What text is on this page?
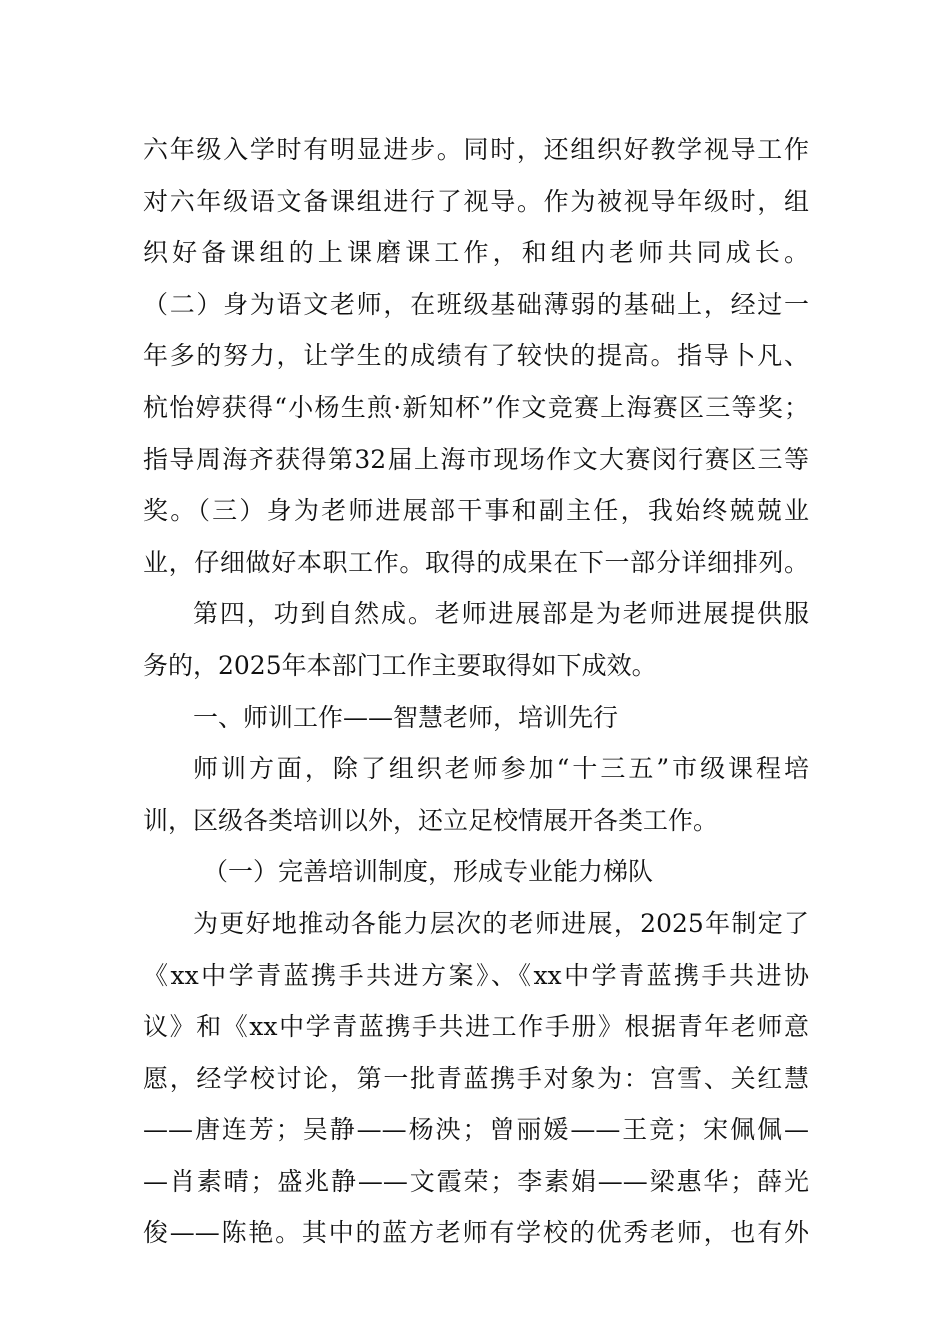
六年级入学时有明显进步。同时，还组织好教学视导工作
对六年级语文备课组进行了视导。作为被视导年级时，组
织好备课组的上课磨课工作，和组内老师共同成长。
（二）身为语文老师，在班级基础薄弱的基础上，经过一
年多的努力，让学生的成绩有了较快的提高。指导卜凡、
杭怡婷获得“小杨生煎·新知杯”作文竞赛上海赛区三等奖；
指导周海齐获得第32届上海市现场作文大赛闵行赛区三等
奖。（三）身为老师进展部干事和副主任，我始终兢兢业
业，仔细做好本职工作。取得的成果在下一部分详细排列。
第四，功到自然成。老师进展部是为老师进展提供服
务的，2025年本部门工作主要取得如下成效。
一、师训工作——智慧老师，培训先行
师训方面，除了组织老师参加“十三五”市级课程培
训，区级各类培训以外，还立足校情展开各类工作。
（一）完善培训制度，形成专业能力梯队
为更好地推动各能力层次的老师进展，2025年制定了
《xx中学青蓝携手共进方案》、《xx中学青蓝携手共进协
议》和《xx中学青蓝携手共进工作手册》根据青年老师意
愿，经学校讨论，第一批青蓝携手对象为：宫雪、关红慧
——唐连芳；吴静——杨泱；曾丽媛——王竞；宋佩佩—
—肖素晴；盛兆静——文霞荣；李素娟——梁惠华；薛光
俊——陈艳。其中的蓝方老师有学校的优秀老师，也有外
